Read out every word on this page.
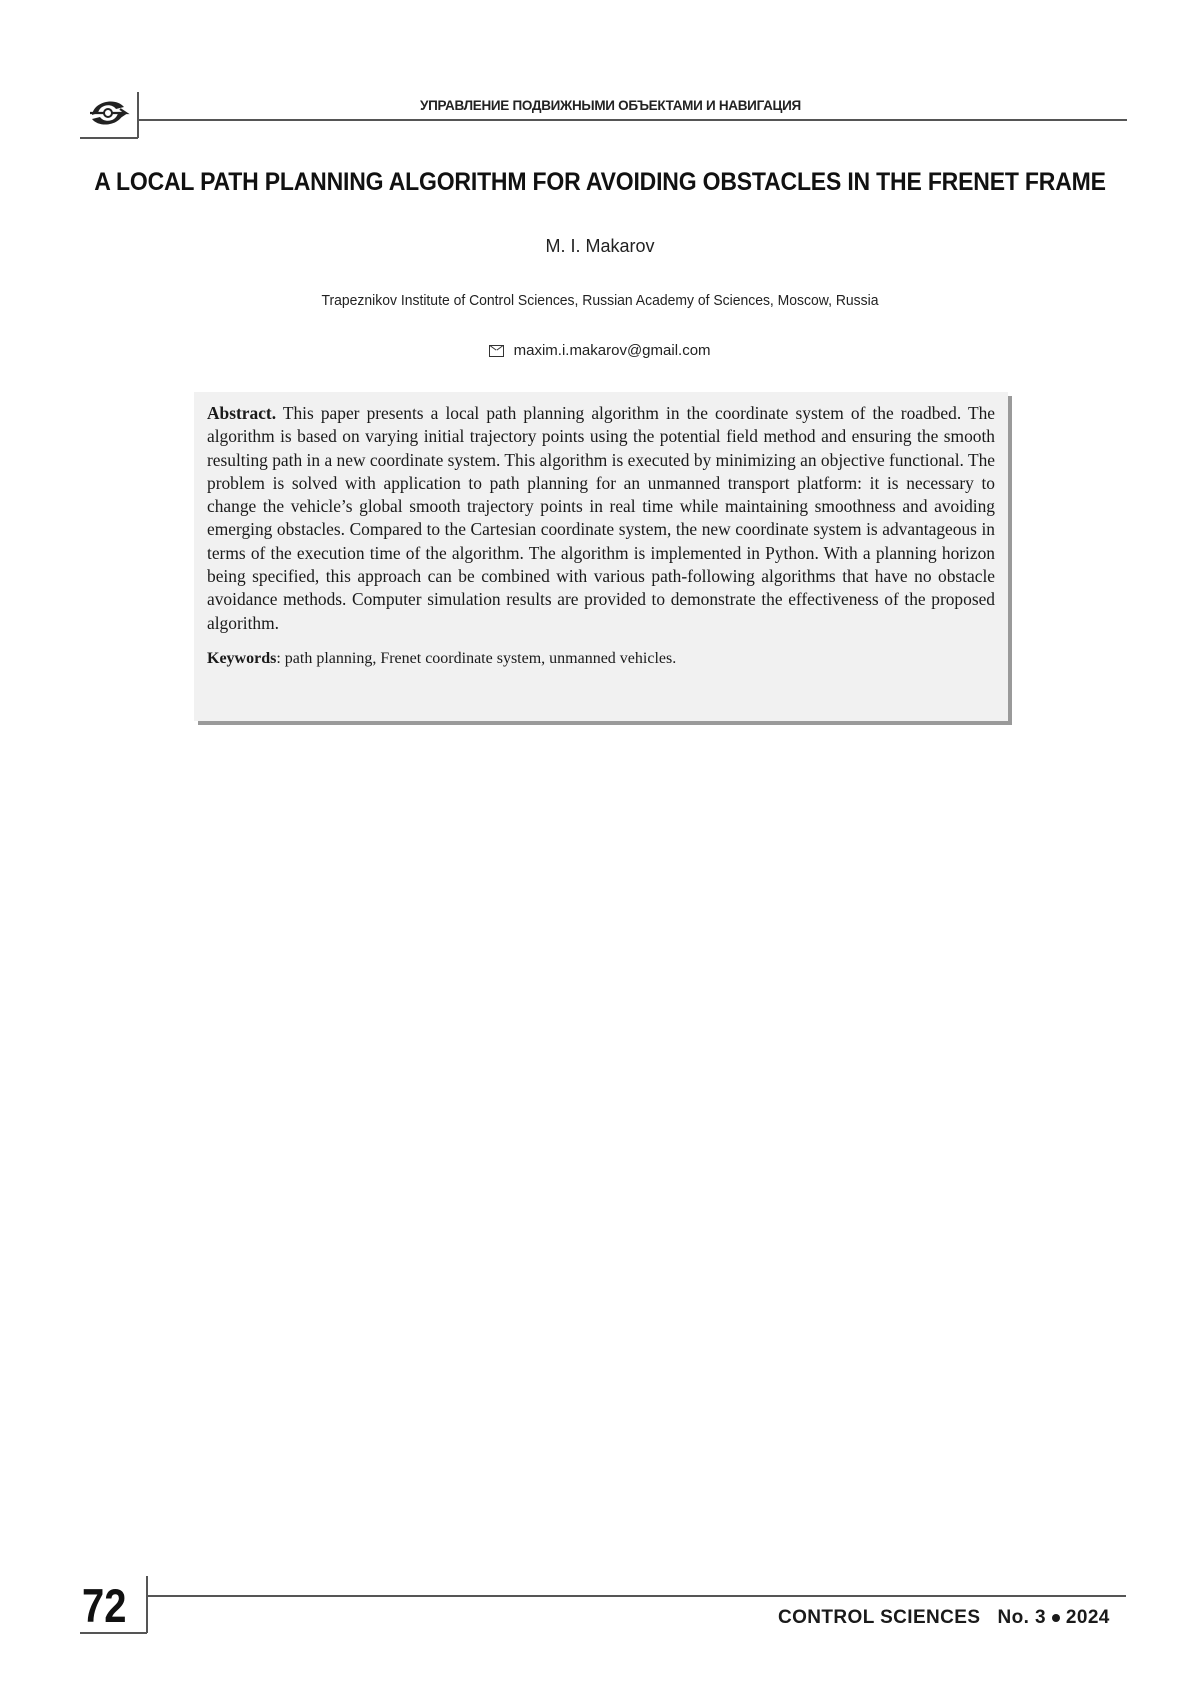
УПРАВЛЕНИЕ ПОДВИЖНЫМИ ОБЪЕКТАМИ И НАВИГАЦИЯ
A LOCAL PATH PLANNING ALGORITHM FOR AVOIDING OBSTACLES IN THE FRENET FRAME
M. I. Makarov
Trapeznikov Institute of Control Sciences, Russian Academy of Sciences, Moscow, Russia
maxim.i.makarov@gmail.com

Abstract. This paper presents a local path planning algorithm in the coordinate system of the roadbed. The algorithm is based on varying initial trajectory points using the potential field method and ensuring the smooth resulting path in a new coordinate system. This algorithm is executed by minimizing an objective functional. The problem is solved with application to path planning for an unmanned transport platform: it is necessary to change the vehicle’s global smooth trajectory points in real time while maintaining smoothness and avoiding emerging obstacles. Compared to the Cartesian coordinate system, the new coordinate system is advantageous in terms of the execution time of the algorithm. The algorithm is implemented in Python. With a planning horizon being specified, this approach can be combined with various path-following algorithms that have no obstacle avoidance methods. Computer simulation results are provided to demonstrate the effectiveness of the proposed algorithm.

Keywords: path planning, Frenet coordinate system, unmanned vehicles.

72	CONTROL SCIENCES No. 3 2024
